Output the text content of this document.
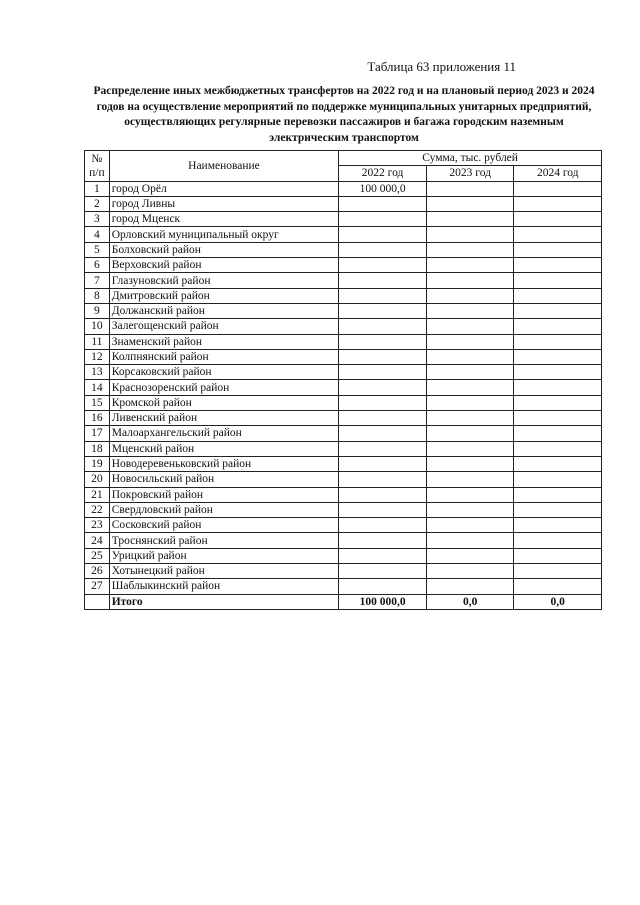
Таблица 63 приложения 11
Распределение иных межбюджетных трансфертов на 2022 год и на плановый период 2023 и 2024 годов на осуществление мероприятий по поддержке муниципальных унитарных предприятий, осуществляющих регулярные перевозки пассажиров и багажа городским наземным электрическим транспортом
№
п/п	Наименование	Сумма, тыс. рублей		
		2022 год	2023 год	2024 год
1	город Орёл	100 000,0		
2	город Ливны			
3	город Мценск			
4	Орловский муниципальный округ			
5	Болховский район			
6	Верховский район			
7	Глазуновский район			
8	Дмитровский район			
9	Должанский район			
10	Залегощенский район			
11	Знаменский район			
12	Колпнянский район			
13	Корсаковский район			
14	Краснозоренский район			
15	Кромской район			
16	Ливенский район			
17	Малоархангельский район			
18	Мценский район			
19	Новодеревеньковский район			
20	Новосильский район			
21	Покровский район			
22	Свердловский район			
23	Сосковский район			
24	Троснянский район			
25	Урицкий район			
26	Хотынецкий район			
27	Шаблыкинский район			
	Итого	100 000,0	0,0	0,0
